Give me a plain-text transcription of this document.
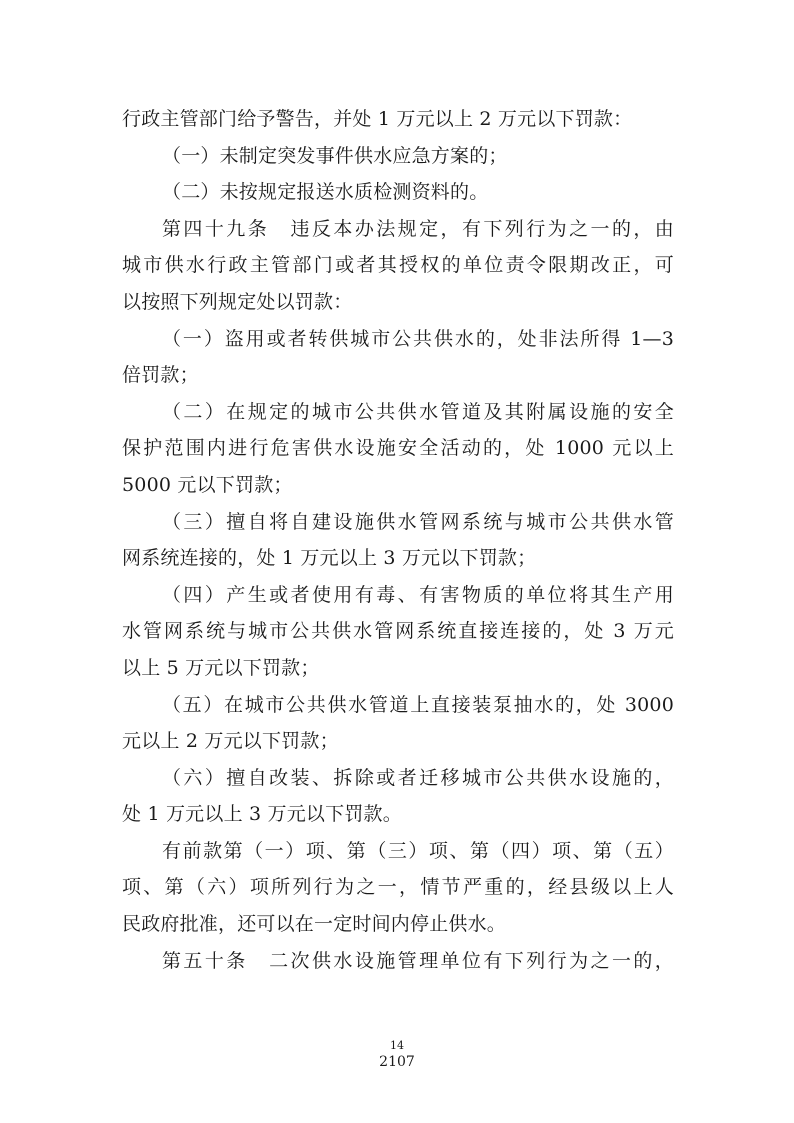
行政主管部门给予警告，并处 1 万元以上 2 万元以下罚款：
（一）未制定突发事件供水应急方案的；
（二）未按规定报送水质检测资料的。
第四十九条　违反本办法规定，有下列行为之一的，由
城市供水行政主管部门或者其授权的单位责令限期改正，可
以按照下列规定处以罚款：
（一）盗用或者转供城市公共供水的，处非法所得 1—3
倍罚款；
（二）在规定的城市公共供水管道及其附属设施的安全
保护范围内进行危害供水设施安全活动的，处 1000 元以上
5000 元以下罚款；
（三）擅自将自建设施供水管网系统与城市公共供水管
网系统连接的，处 1 万元以上 3 万元以下罚款；
（四）产生或者使用有毒、有害物质的单位将其生产用
水管网系统与城市公共供水管网系统直接连接的，处 3 万元
以上 5 万元以下罚款；
（五）在城市公共供水管道上直接装泵抽水的，处 3000
元以上 2 万元以下罚款；
（六）擅自改装、拆除或者迁移城市公共供水设施的，
处 1 万元以上 3 万元以下罚款。
有前款第（一）项、第（三）项、第（四）项、第（五）
项、第（六）项所列行为之一，情节严重的，经县级以上人
民政府批准，还可以在一定时间内停止供水。
第五十条　二次供水设施管理单位有下列行为之一的，
14
2107
